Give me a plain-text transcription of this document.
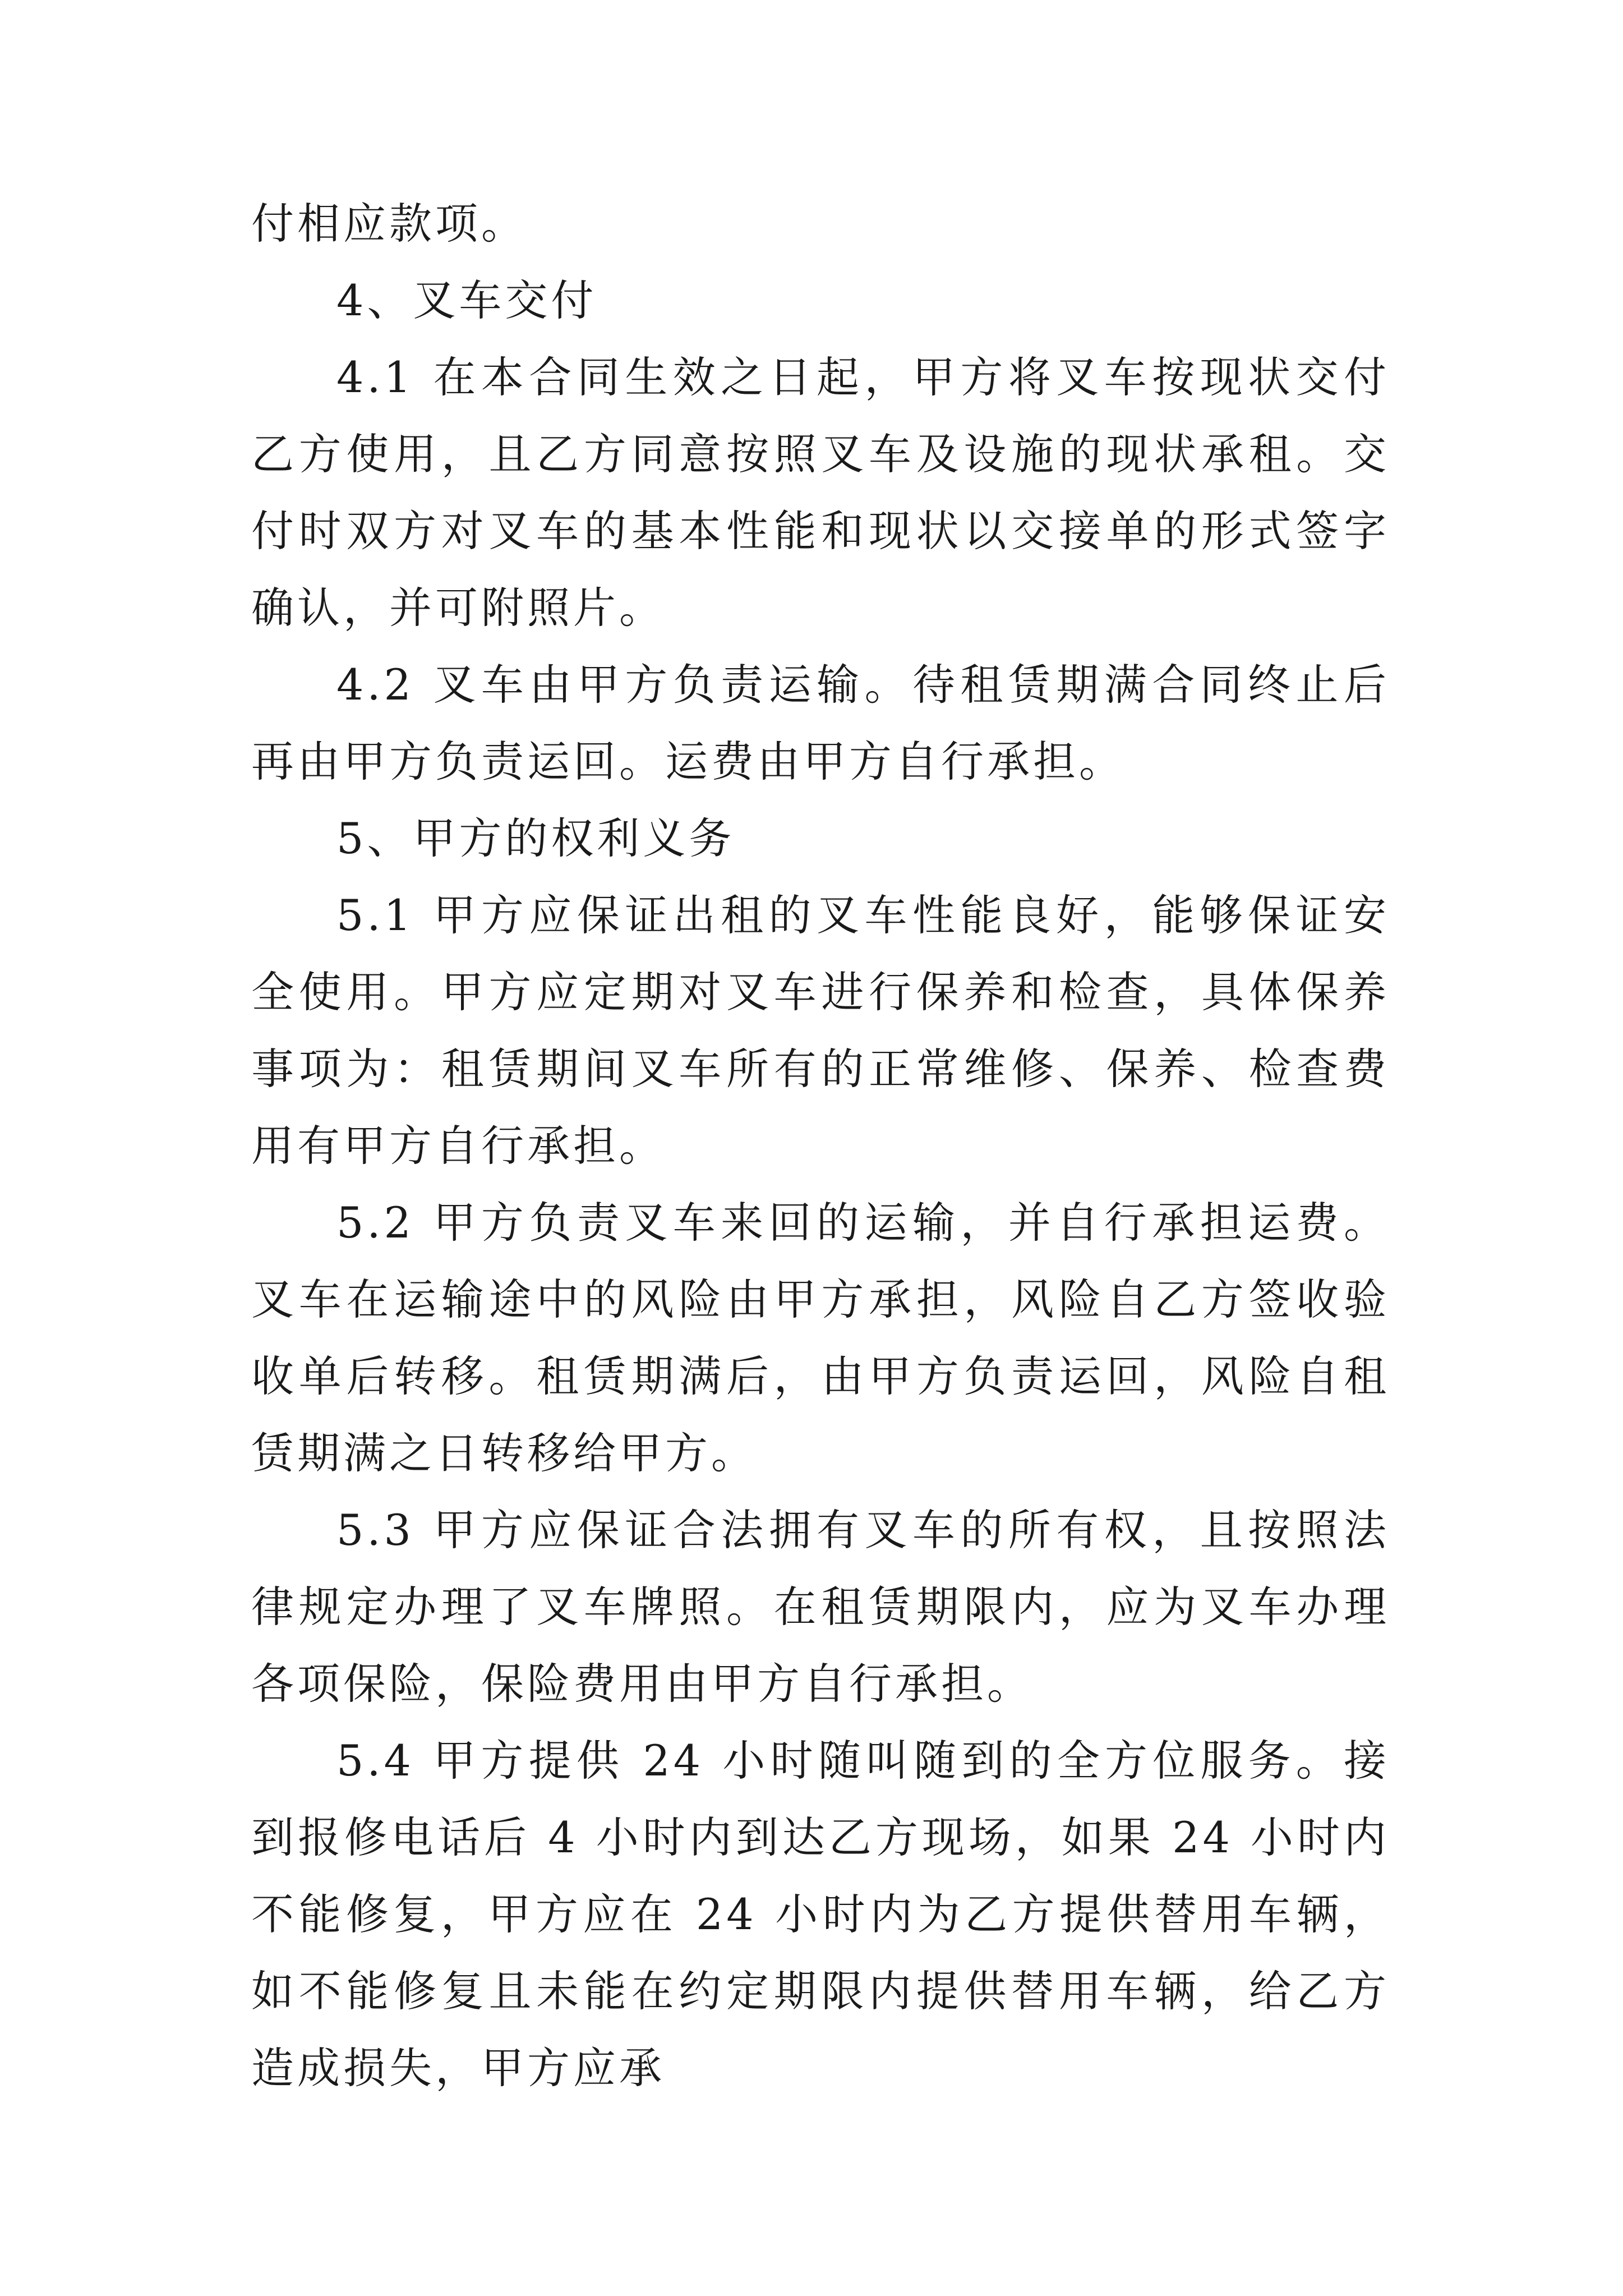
付相应款项。

4、叉车交付

4.1 在本合同生效之日起，甲方将叉车按现状交付乙方使用，且乙方同意按照叉车及设施的现状承租。交付时双方对叉车的基本性能和现状以交接单的形式签字确认，并可附照片。

4.2 叉车由甲方负责运输。待租赁期满合同终止后再由甲方负责运回。运费由甲方自行承担。

5、甲方的权利义务

5.1 甲方应保证出租的叉车性能良好，能够保证安全使用。甲方应定期对叉车进行保养和检查，具体保养事项为：租赁期间叉车所有的正常维修、保养、检查费用有甲方自行承担。

5.2 甲方负责叉车来回的运输，并自行承担运费。叉车在运输途中的风险由甲方承担，风险自乙方签收验收单后转移。租赁期满后，由甲方负责运回，风险自租赁期满之日转移给甲方。

5.3 甲方应保证合法拥有叉车的所有权，且按照法律规定办理了叉车牌照。在租赁期限内，应为叉车办理各项保险，保险费用由甲方自行承担。

5.4 甲方提供 24 小时随叫随到的全方位服务。接到报修电话后 4 小时内到达乙方现场，如果 24 小时内不能修复，甲方应在 24 小时内为乙方提供替用车辆，如不能修复且未能在约定期限内提供替用车辆，给乙方造成损失，甲方应承
